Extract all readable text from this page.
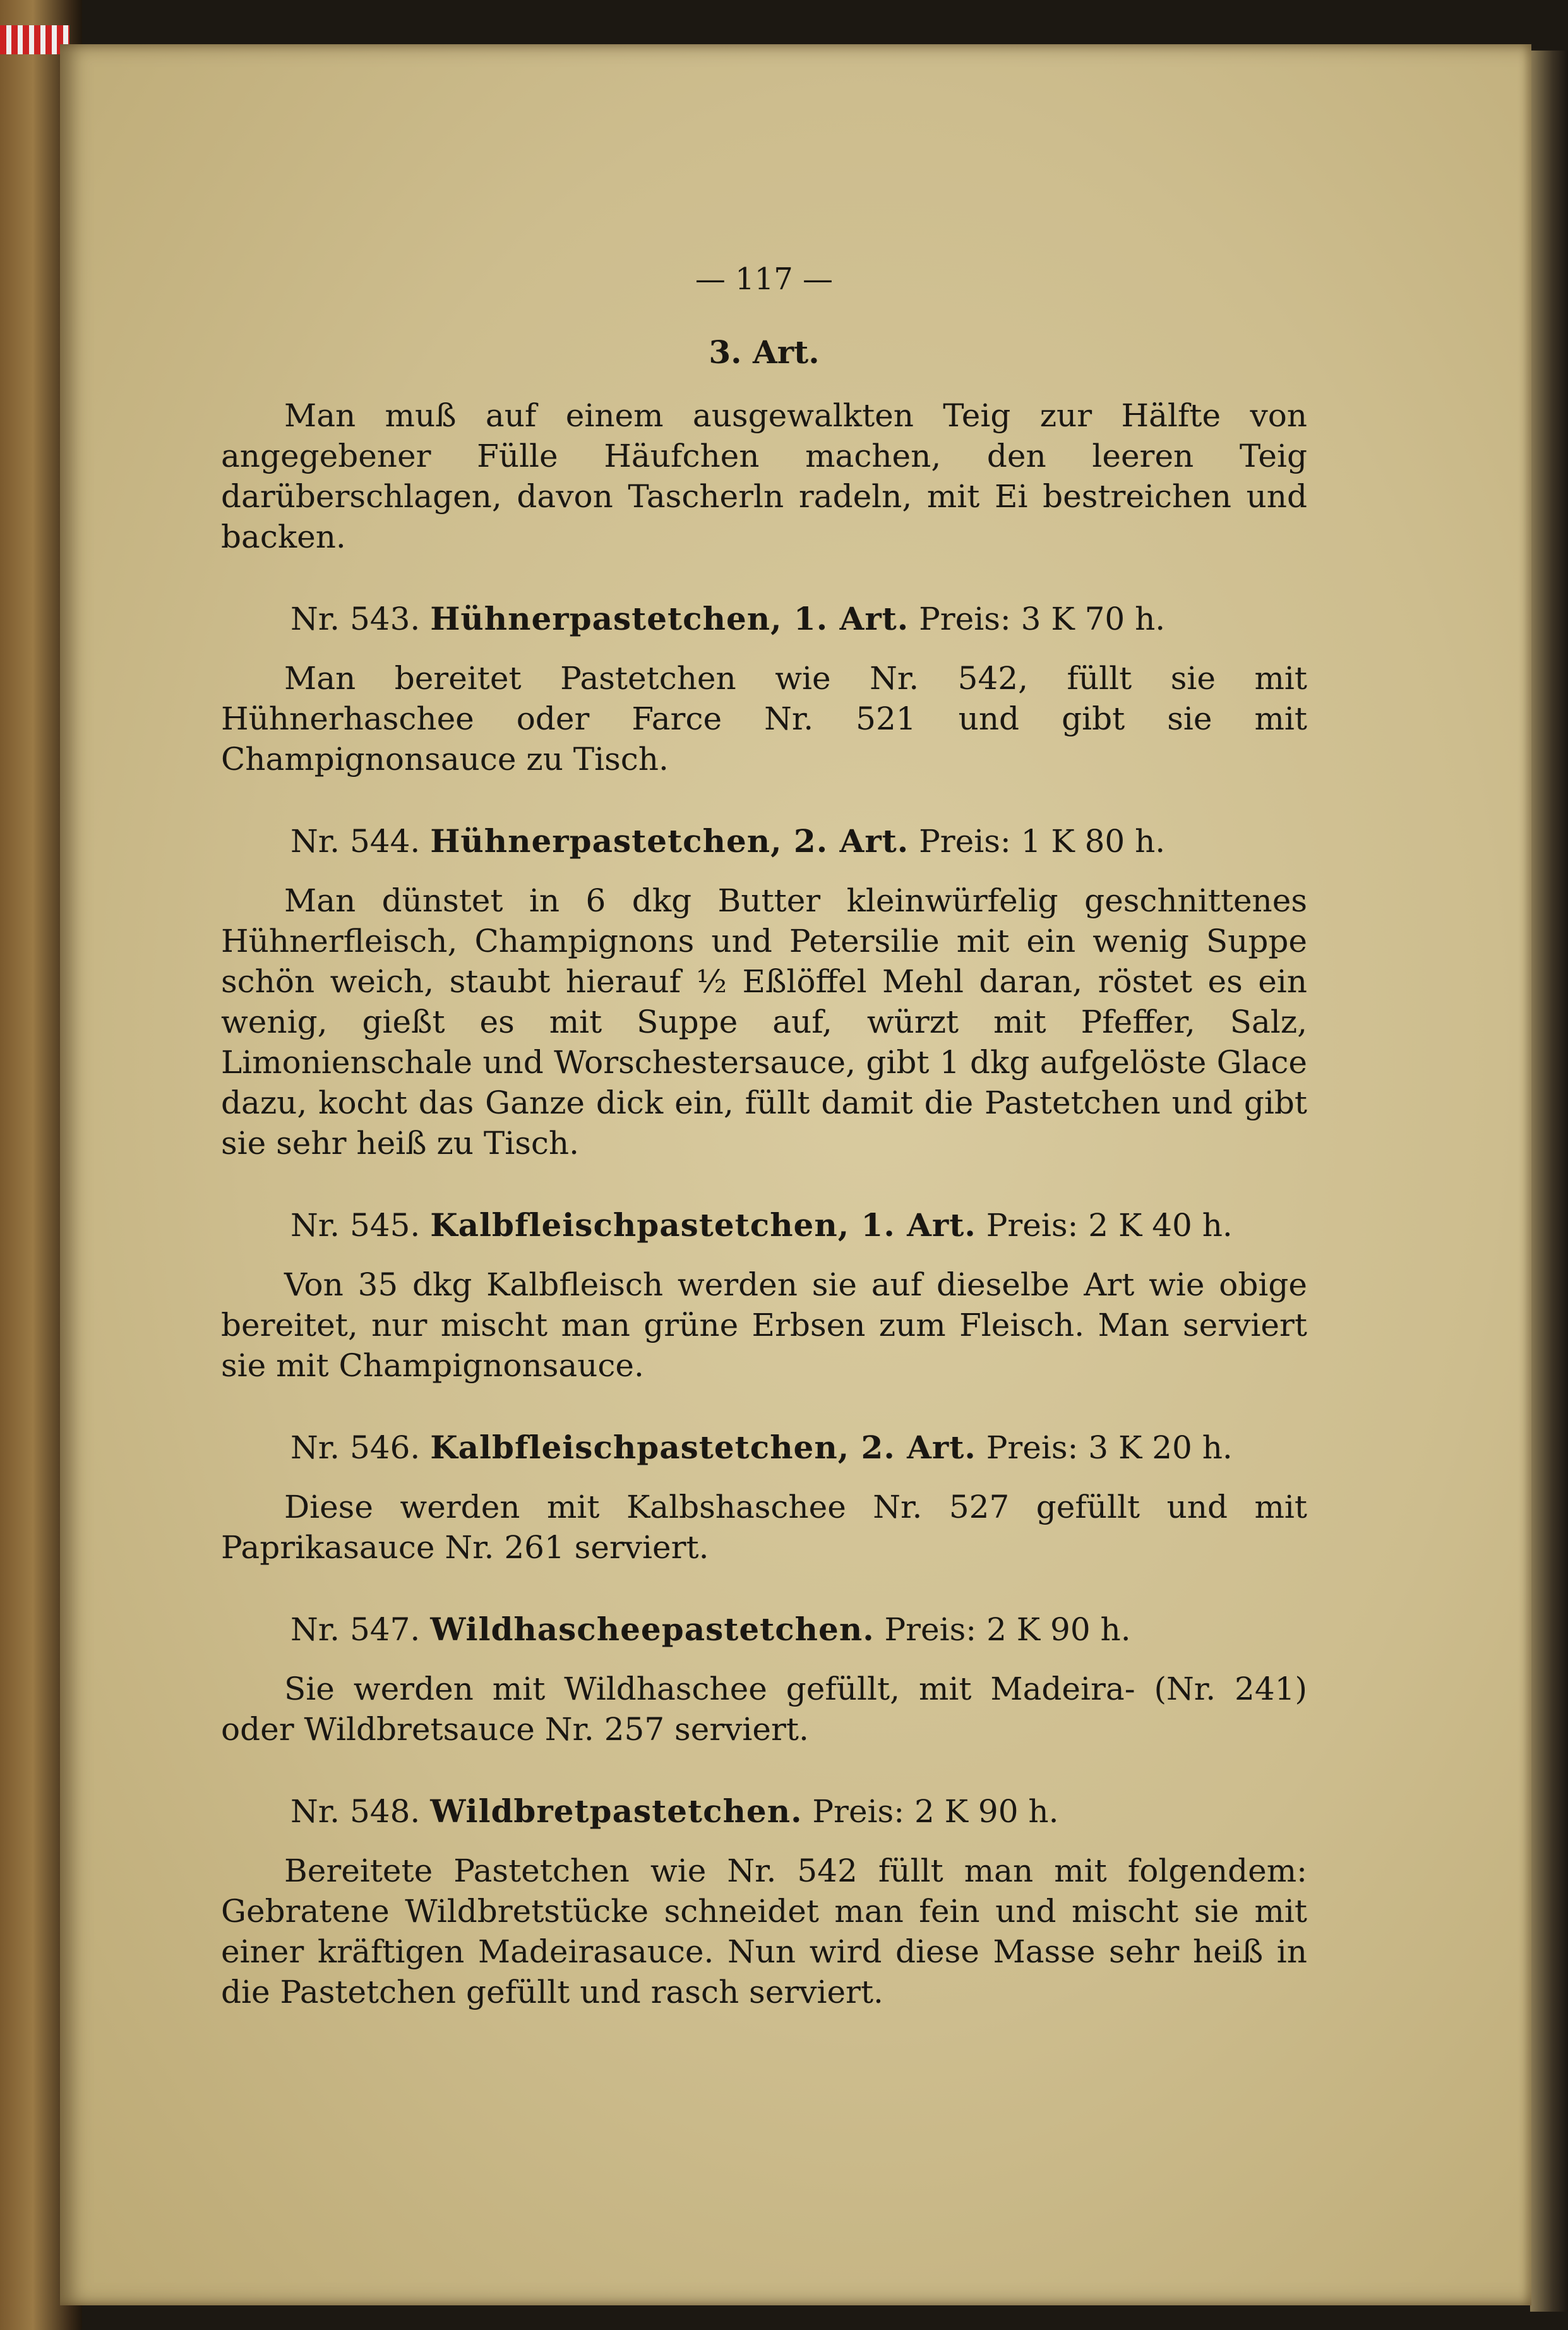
— 117 —
3. Art.

Man muß auf einem ausgewalkten Teig zur Hälfte von angegebener Fülle Häufchen machen, den leeren Teig darüberschlagen, davon Tascherln radeln, mit Ei bestreichen und backen.

Nr. 543. Hühnerpastetchen, 1. Art. Preis: 3 K 70 h.

Man bereitet Pastetchen wie Nr. 542, füllt sie mit Hühnerhaschee oder Farce Nr. 521 und gibt sie mit Champignonsauce zu Tisch.

Nr. 544. Hühnerpastetchen, 2. Art. Preis: 1 K 80 h.

Man dünstet in 6 dkg Butter kleinwürfelig geschnittenes Hühnerfleisch, Champignons und Petersilie mit ein wenig Suppe schön weich, staubt hierauf ½ Eßlöffel Mehl daran, röstet es ein wenig, gießt es mit Suppe auf, würzt mit Pfeffer, Salz, Limonienschale und Worschestersauce, gibt 1 dkg aufgelöste Glace dazu, kocht das Ganze dick ein, füllt damit die Pastetchen und gibt sie sehr heiß zu Tisch.

Nr. 545. Kalbfleischpastetchen, 1. Art. Preis: 2 K 40 h.

Von 35 dkg Kalbfleisch werden sie auf dieselbe Art wie obige bereitet, nur mischt man grüne Erbsen zum Fleisch. Man serviert sie mit Champignonsauce.

Nr. 546. Kalbfleischpastetchen, 2. Art. Preis: 3 K 20 h.

Diese werden mit Kalbshaschee Nr. 527 gefüllt und mit Paprikasauce Nr. 261 serviert.

Nr. 547. Wildhascheepastetchen. Preis: 2 K 90 h.

Sie werden mit Wildhaschee gefüllt, mit Madeira- (Nr. 241) oder Wildbretsauce Nr. 257 serviert.

Nr. 548. Wildbretpastetchen. Preis: 2 K 90 h.

Bereitete Pastetchen wie Nr. 542 füllt man mit folgendem: Gebratene Wildbretstücke schneidet man fein und mischt sie mit einer kräftigen Madeirasauce. Nun wird diese Masse sehr heiß in die Pastetchen gefüllt und rasch serviert.
